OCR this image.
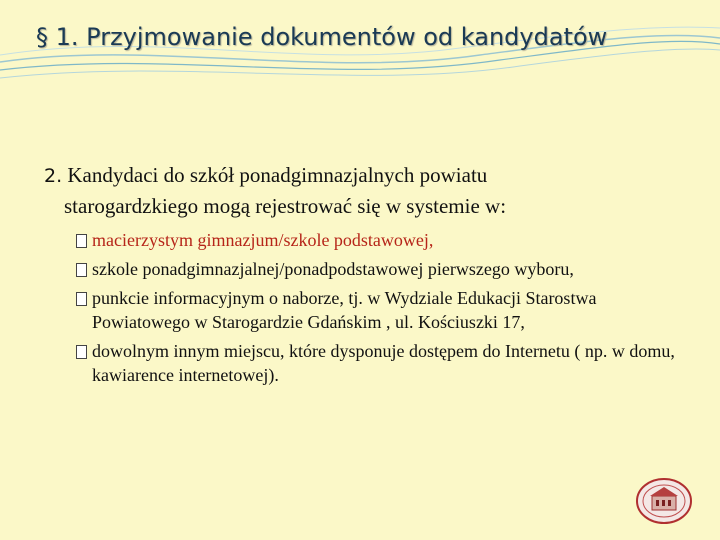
§ 1. Przyjmowanie dokumentów od kandydatów
2. Kandydaci do szkół ponadgimnazjalnych powiatu
starogardzkiego mogą rejestrować się w systemie w:
macierzystym gimnazjum/szkole podstawowej,
szkole ponadgimnazjalnej/ponadpodstawowej pierwszego wyboru,
punkcie informacyjnym o naborze, tj. w Wydziale Edukacji Starostwa Powiatowego w Starogardzie Gdańskim , ul. Kościuszki 17,
dowolnym innym miejscu, które dysponuje dostępem do Internetu ( np. w domu, kawiarence internetowej).
